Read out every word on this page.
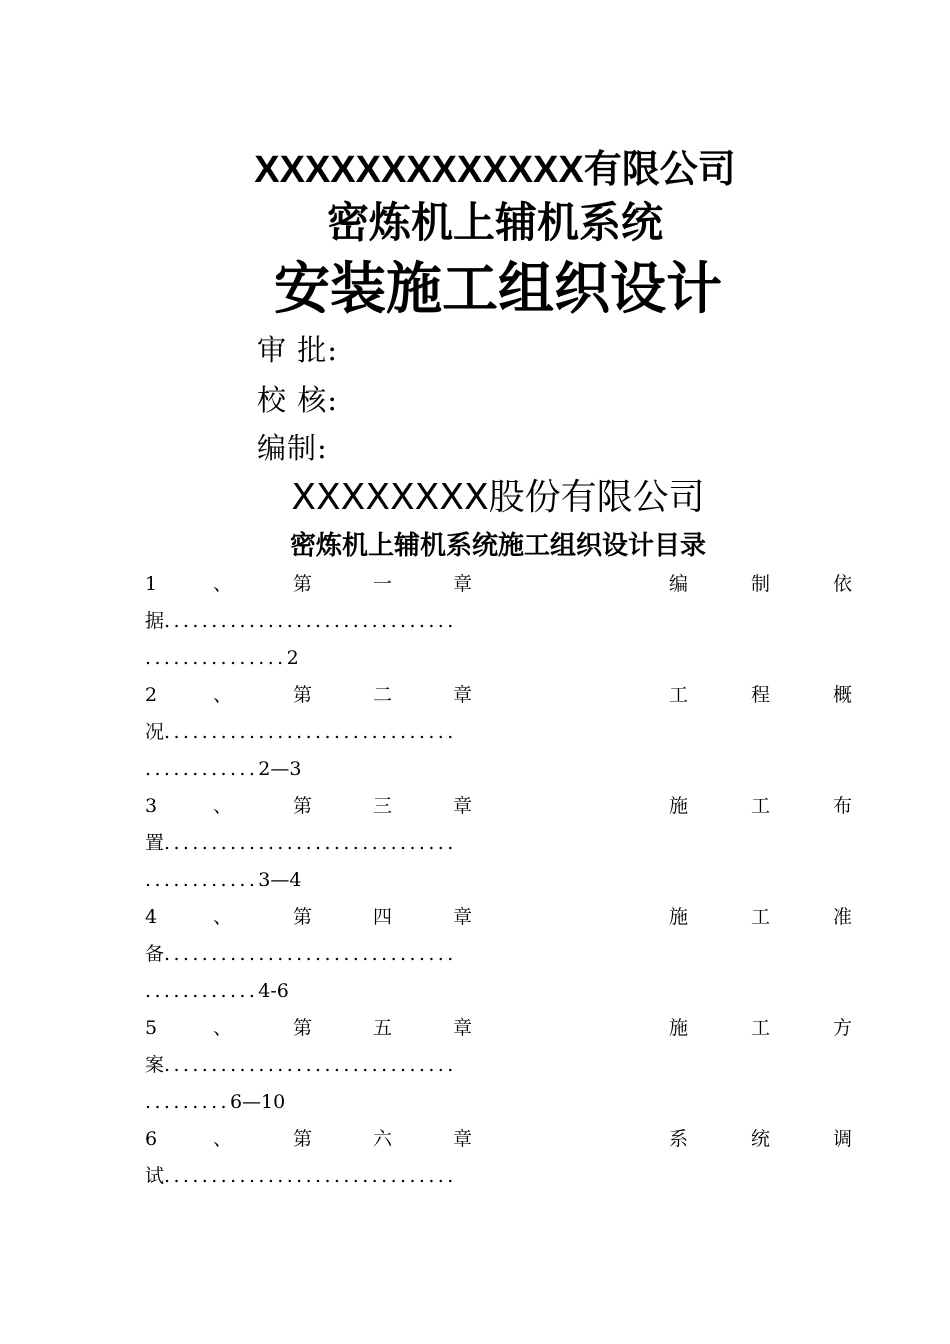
XXXXXXXXXXXXX有限公司
密炼机上辅机系统
安装施工组织设计
审 批:
校 核:
编制:
XXXXXXXX股份有限公司
密炼机上辅机系统施工组织设计目录
1	、	第	一	章	编	制	依
据...............................
...............2
2	、	第	二	章	工	程	概
况...............................
............2—3
3	、	第	三	章	施	工	布
置...............................
............3—4
4	、	第	四	章	施	工	准
备...............................
............4-6
5	、	第	五	章	施	工	方
案...............................
.........6—10
6	、	第	六	章	系	统	调
试...............................
